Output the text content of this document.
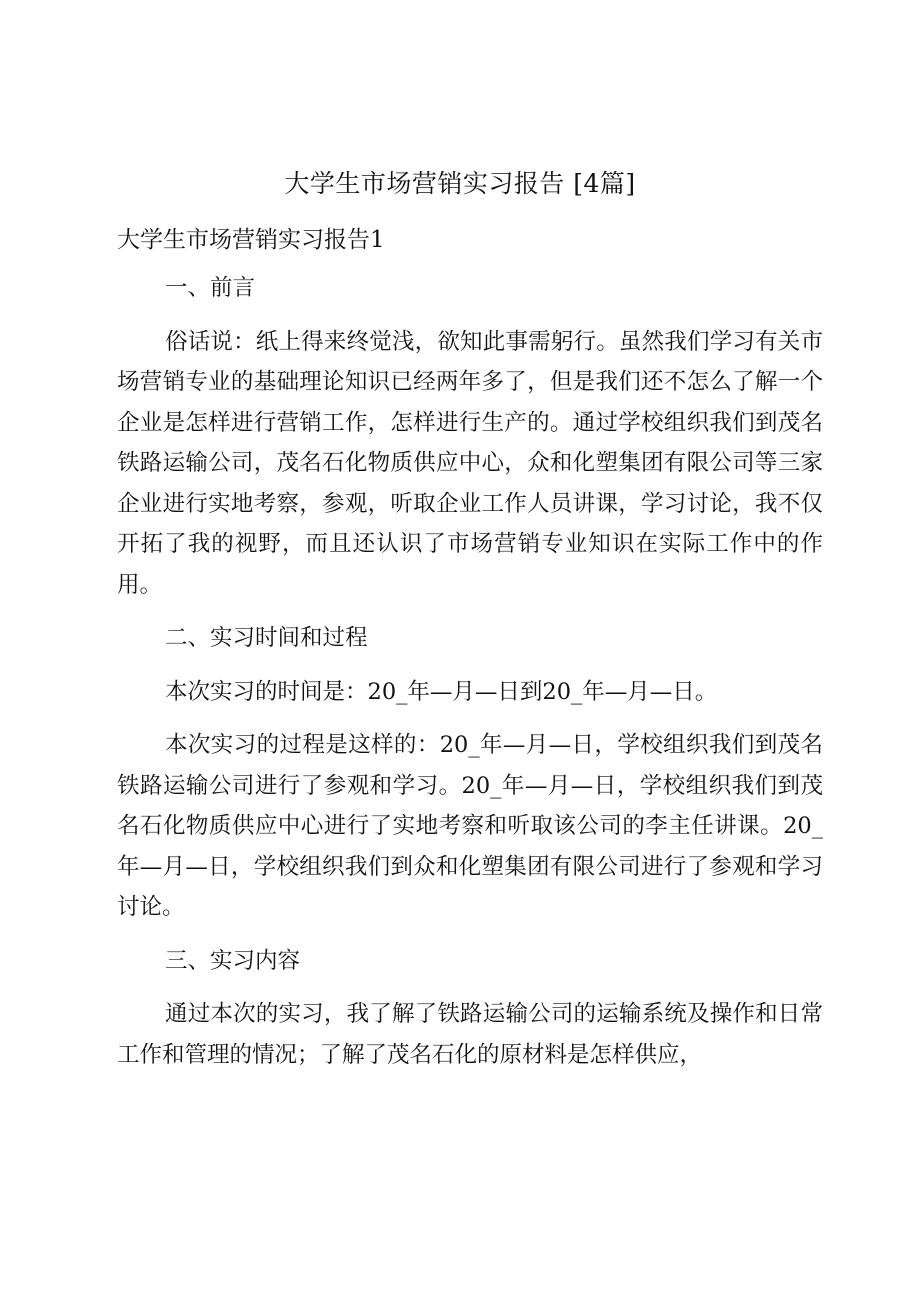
大学生市场营销实习报告 [4篇]
大学生市场营销实习报告1

一、前言

俗话说：纸上得来终觉浅，欲知此事需躬行。虽然我们学习有关市场营销专业的基础理论知识已经两年多了，但是我们还不怎么了解一个企业是怎样进行营销工作，怎样进行生产的。通过学校组织我们到茂名铁路运输公司，茂名石化物质供应中心，众和化塑集团有限公司等三家企业进行实地考察，参观，听取企业工作人员讲课，学习讨论，我不仅开拓了我的视野，而且还认识了市场营销专业知识在实际工作中的作用。

二、实习时间和过程

本次实习的时间是：20_年—月—日到20_年—月—日。

本次实习的过程是这样的：20_年—月—日，学校组织我们到茂名铁路运输公司进行了参观和学习。20_年—月—日，学校组织我们到茂名石化物质供应中心进行了实地考察和听取该公司的李主任讲课。20_年—月—日，学校组织我们到众和化塑集团有限公司进行了参观和学习讨论。

三、实习内容

通过本次的实习，我了解了铁路运输公司的运输系统及操作和日常工作和管理的情况；了解了茂名石化的原材料是怎样供应，
